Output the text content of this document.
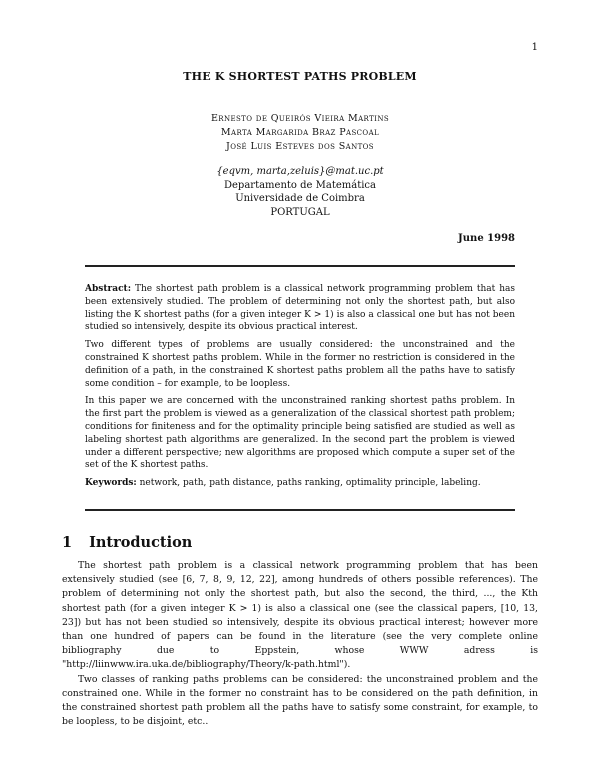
1
THE K SHORTEST PATHS PROBLEM
Ernesto de Queirós Vieira Martins
Marta Margarida Braz Pascoal
José Luis Esteves dos Santos
{eqvm, marta,zeluis}@mat.uc.pt
Departamento de Matemática
Universidade de Coimbra
PORTUGAL
June 1998

Abstract: The shortest path problem is a classical network programming problem that has been extensively studied. The problem of determining not only the shortest path, but also listing the K shortest paths (for a given integer K > 1) is also a classical one but has not been studied so intensively, despite its obvious practical interest.

Two different types of problems are usually considered: the unconstrained and the constrained K shortest paths problem. While in the former no restriction is considered in the definition of a path, in the constrained K shortest paths problem all the paths have to satisfy some condition – for example, to be loopless.

In this paper we are concerned with the unconstrained ranking shortest paths problem. In the first part the problem is viewed as a generalization of the classical shortest path problem; conditions for finiteness and for the optimality principle being satisfied are studied as well as labeling shortest path algorithms are generalized. In the second part the problem is viewed under a different perspective; new algorithms are proposed which compute a super set of the set of the K shortest paths.

Keywords: network, path, path distance, paths ranking, optimality principle, labeling.

1 Introduction

The shortest path problem is a classical network programming problem that has been extensively studied (see [6, 7, 8, 9, 12, 22], among hundreds of others possible references). The problem of determining not only the shortest path, but also the second, the third, ..., the Kth shortest path (for a given integer K > 1) is also a classical one (see the classical papers, [10, 13, 23]) but has not been studied so intensively, despite its obvious practical interest; however more than one hundred of papers can be found in the literature (see the very complete online bibliography due to Eppstein, whose WWW adress is "http://liinwww.ira.uka.de/bibliography/Theory/k-path.html").

Two classes of ranking paths problems can be considered: the unconstrained problem and the constrained one. While in the former no constraint has to be considered on the path definition, in the constrained shortest path problem all the paths have to satisfy some constraint, for example, to be loopless, to be disjoint, etc..
